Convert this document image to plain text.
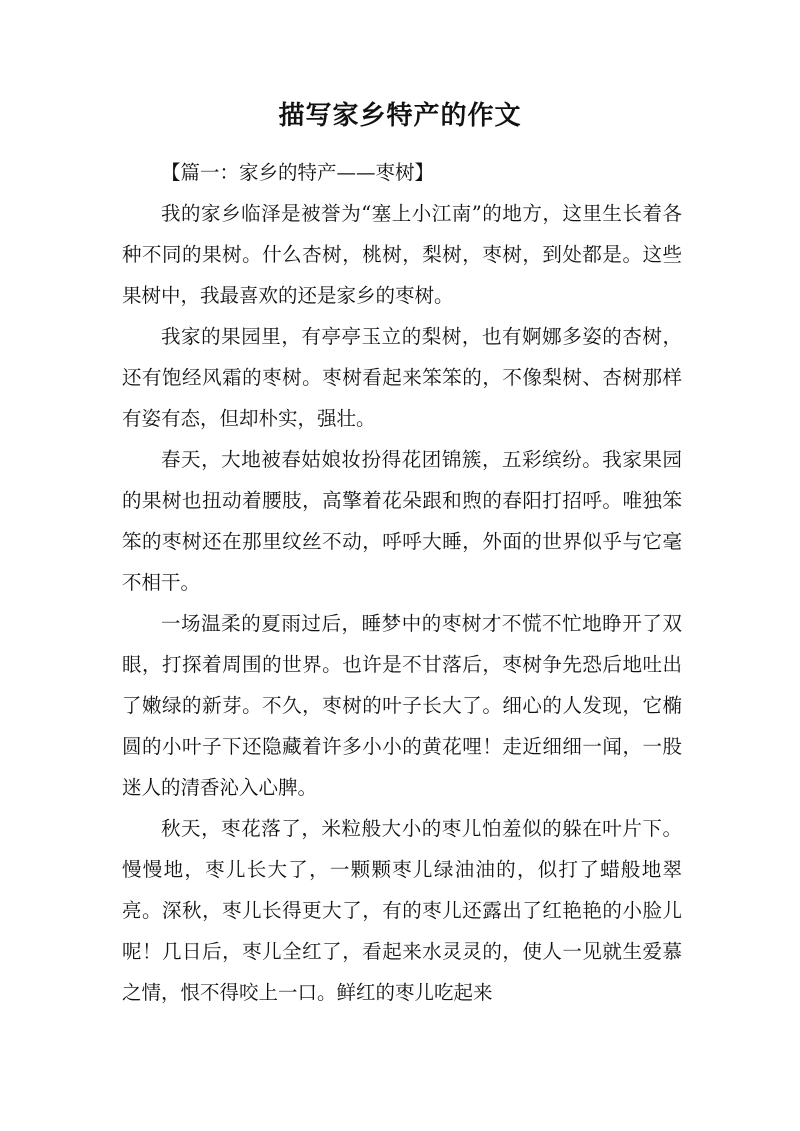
描写家乡特产的作文

【篇一：家乡的特产——枣树】

我的家乡临泽是被誉为“塞上小江南”的地方，这里生长着各种不同的果树。什么杏树，桃树，梨树，枣树，到处都是。这些果树中，我最喜欢的还是家乡的枣树。

我家的果园里，有亭亭玉立的梨树，也有婀娜多姿的杏树，还有饱经风霜的枣树。枣树看起来笨笨的，不像梨树、杏树那样有姿有态，但却朴实，强壮。

春天，大地被春姑娘妆扮得花团锦簇，五彩缤纷。我家果园的果树也扭动着腰肢，高擎着花朵跟和煦的春阳打招呼。唯独笨笨的枣树还在那里纹丝不动，呼呼大睡，外面的世界似乎与它毫不相干。

一场温柔的夏雨过后，睡梦中的枣树才不慌不忙地睁开了双眼，打探着周围的世界。也许是不甘落后，枣树争先恐后地吐出了嫩绿的新芽。不久，枣树的叶子长大了。细心的人发现，它椭圆的小叶子下还隐藏着许多小小的黄花哩！走近细细一闻，一股迷人的清香沁入心脾。

秋天，枣花落了，米粒般大小的枣儿怕羞似的躲在叶片下。慢慢地，枣儿长大了，一颗颗枣儿绿油油的，似打了蜡般地翠亮。深秋，枣儿长得更大了，有的枣儿还露出了红艳艳的小脸儿呢！几日后，枣儿全红了，看起来水灵灵的，使人一见就生爱慕之情，恨不得咬上一口。鲜红的枣儿吃起来
